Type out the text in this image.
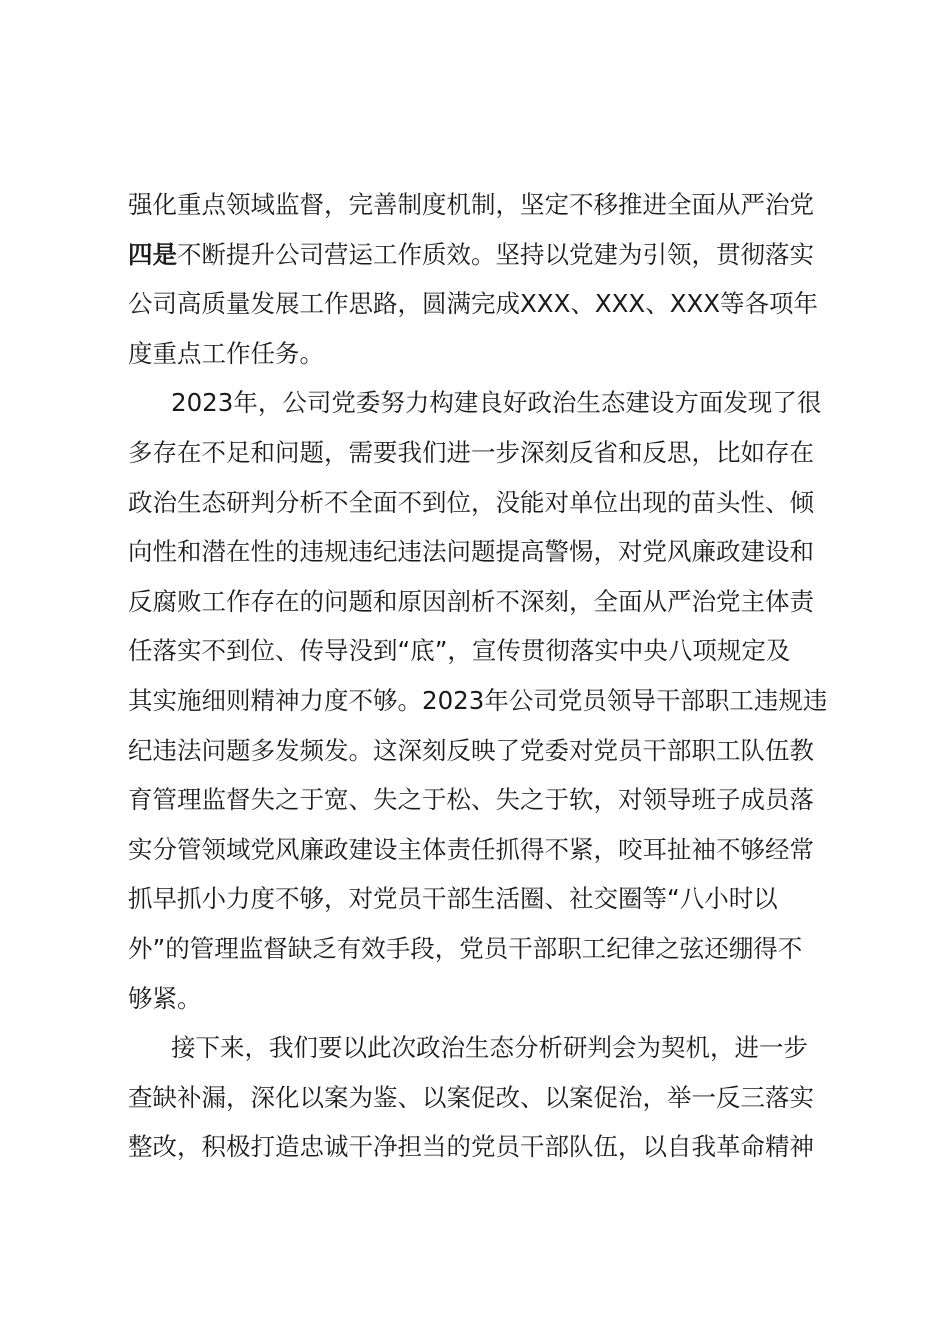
强化重点领域监督，完善制度机制，坚定不移推进全面从严治党
四是不断提升公司营运工作质效。坚持以党建为引领，贯彻落实
公司高质量发展工作思路，圆满完成XXX、XXX、XXX等各项年
度重点工作任务。
2023年，公司党委努力构建良好政治生态建设方面发现了很
多存在不足和问题，需要我们进一步深刻反省和反思，比如存在
政治生态研判分析不全面不到位，没能对单位出现的苗头性、倾
向性和潜在性的违规违纪违法问题提高警惕，对党风廉政建设和
反腐败工作存在的问题和原因剖析不深刻，全面从严治党主体责
任落实不到位、传导没到“底”，宣传贯彻落实中央八项规定及
其实施细则精神力度不够。2023年公司党员领导干部职工违规违
纪违法问题多发频发。这深刻反映了党委对党员干部职工队伍教
育管理监督失之于宽、失之于松、失之于软，对领导班子成员落
实分管领域党风廉政建设主体责任抓得不紧，咬耳扯袖不够经常
抓早抓小力度不够，对党员干部生活圈、社交圈等“八小时以
外”的管理监督缺乏有效手段，党员干部职工纪律之弦还绷得不
够紧。
接下来，我们要以此次政治生态分析研判会为契机，进一步
查缺补漏，深化以案为鉴、以案促改、以案促治，举一反三落实
整改，积极打造忠诚干净担当的党员干部队伍，以自我革命精神
